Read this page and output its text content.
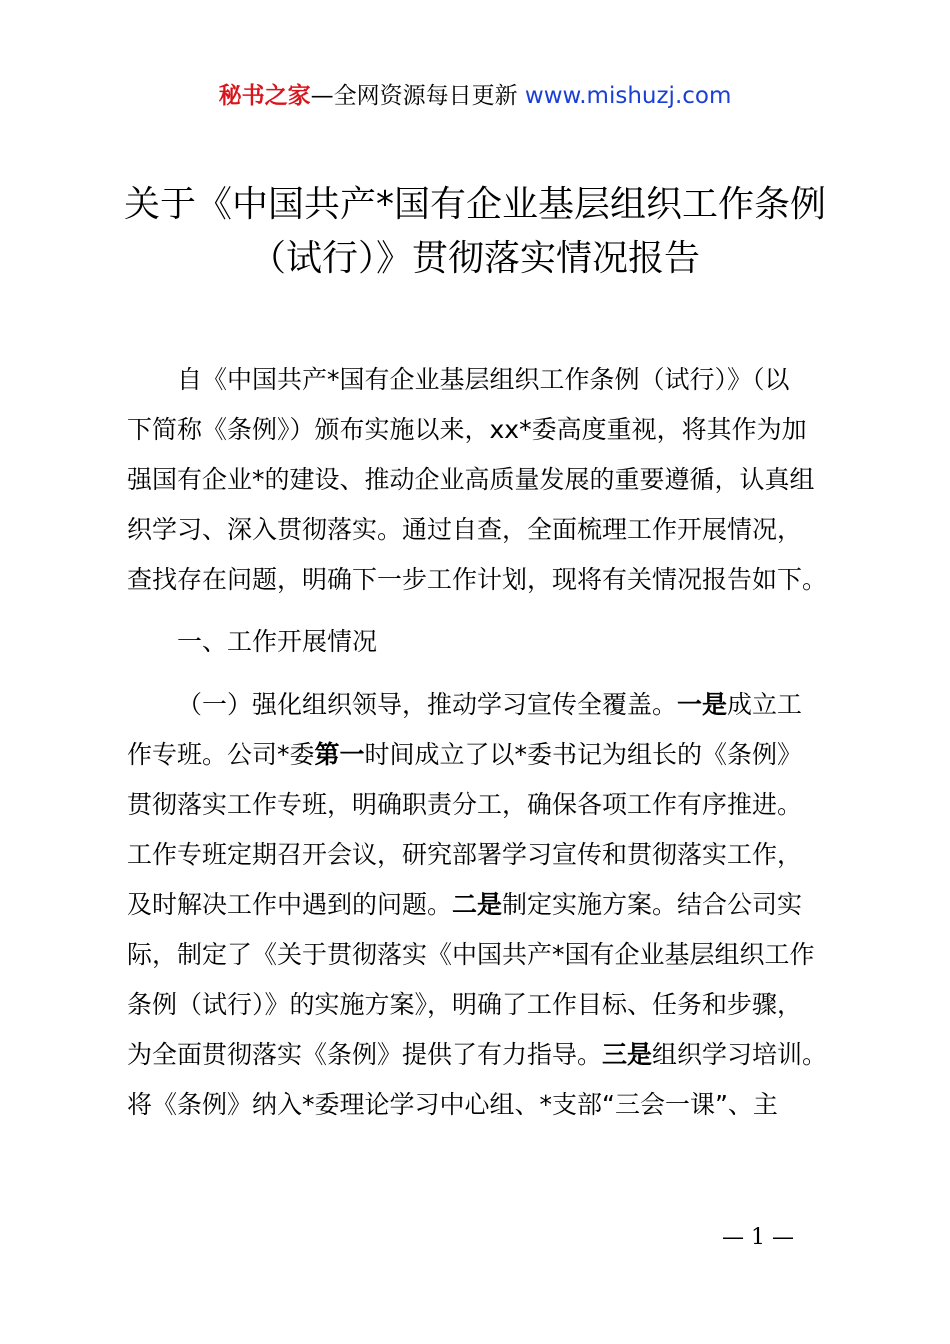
秘书之家—全网资源每日更新 www.mishuzj.com
关于《中国共产*国有企业基层组织工作条例
（试行）》贯彻落实情况报告
自《中国共产*国有企业基层组织工作条例（试行）》（以
下简称《条例》）颁布实施以来，xx*委高度重视，将其作为加
强国有企业*的建设、推动企业高质量发展的重要遵循，认真组
织学习、深入贯彻落实。通过自查，全面梳理工作开展情况，
查找存在问题，明确下一步工作计划，现将有关情况报告如下。
一、工作开展情况
（一）强化组织领导，推动学习宣传全覆盖。一是成立工
作专班。公司*委第一时间成立了以*委书记为组长的《条例》
贯彻落实工作专班，明确职责分工，确保各项工作有序推进。
工作专班定期召开会议，研究部署学习宣传和贯彻落实工作，
及时解决工作中遇到的问题。二是制定实施方案。结合公司实
际，制定了《关于贯彻落实《中国共产*国有企业基层组织工作
条例（试行）》的实施方案》，明确了工作目标、任务和步骤，
为全面贯彻落实《条例》提供了有力指导。三是组织学习培训。
将《条例》纳入*委理论学习中心组、*支部“三会一课”、主
— 1 —
